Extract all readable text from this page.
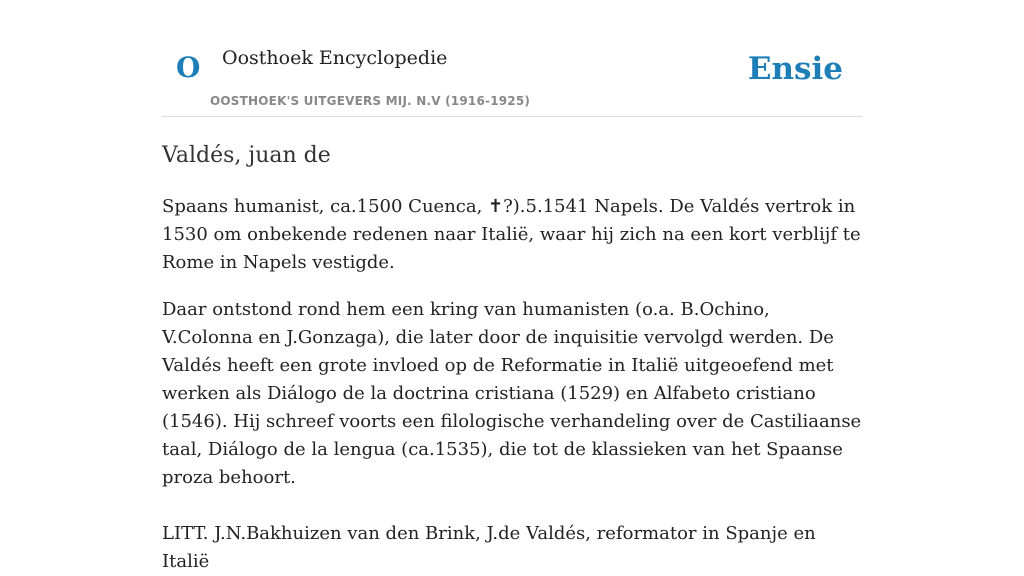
O Oosthoek Encyclopedie
OOSTHOEK'S UITGEVERS MIJ. N.V (1916-1925)
Ensie
Valdés, juan de

Spaans humanist, ca.1500 Cuenca, ✝?).5.1541 Napels. De Valdés vertrok in 1530 om onbekende redenen naar Italië, waar hij zich na een kort verblijf te Rome in Napels vestigde.

Daar ontstond rond hem een kring van humanisten (o.a. B.Ochino, V.Colonna en J.Gonzaga), die later door de inquisitie vervolgd werden. De Valdés heeft een grote invloed op de Reformatie in Italië uitgeoefend met werken als Diálogo de la doctrina cristiana (1529) en Alfabeto cristiano (1546). Hij schreef voorts een filologische verhandeling over de Castiliaanse taal, Diálogo de la lengua (ca.1535), die tot de klassieken van het Spaanse proza behoort.

LITT. J.N.Bakhuizen van den Brink, J.de Valdés, reformator in Spanje en Italië
